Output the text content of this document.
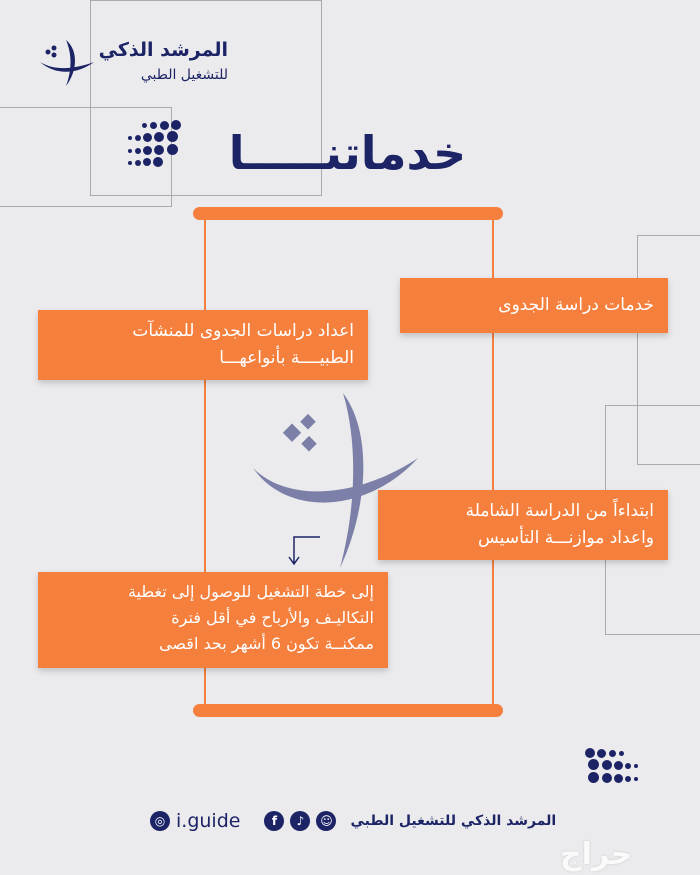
المرشد الذكي
للتشغيل الطبي
خدماتنـــــا
خدمات دراسة الجدوى
اعداد دراسات الجدوى للمنشآت
الطبيــــة بأنواعهـــا
ابتداءاً من الدراسة الشاملة
واعداد موازنـــة التأسيس
إلى خطة التشغيل للوصول إلى تغطية
التكاليـف والأرباح في أقل فترة
ممكنــة تكون 6 أشهر بحد اقصى
◎ i.guide	f	♪	☺ المرشد الذكي للتشغيل الطبي
حراج
